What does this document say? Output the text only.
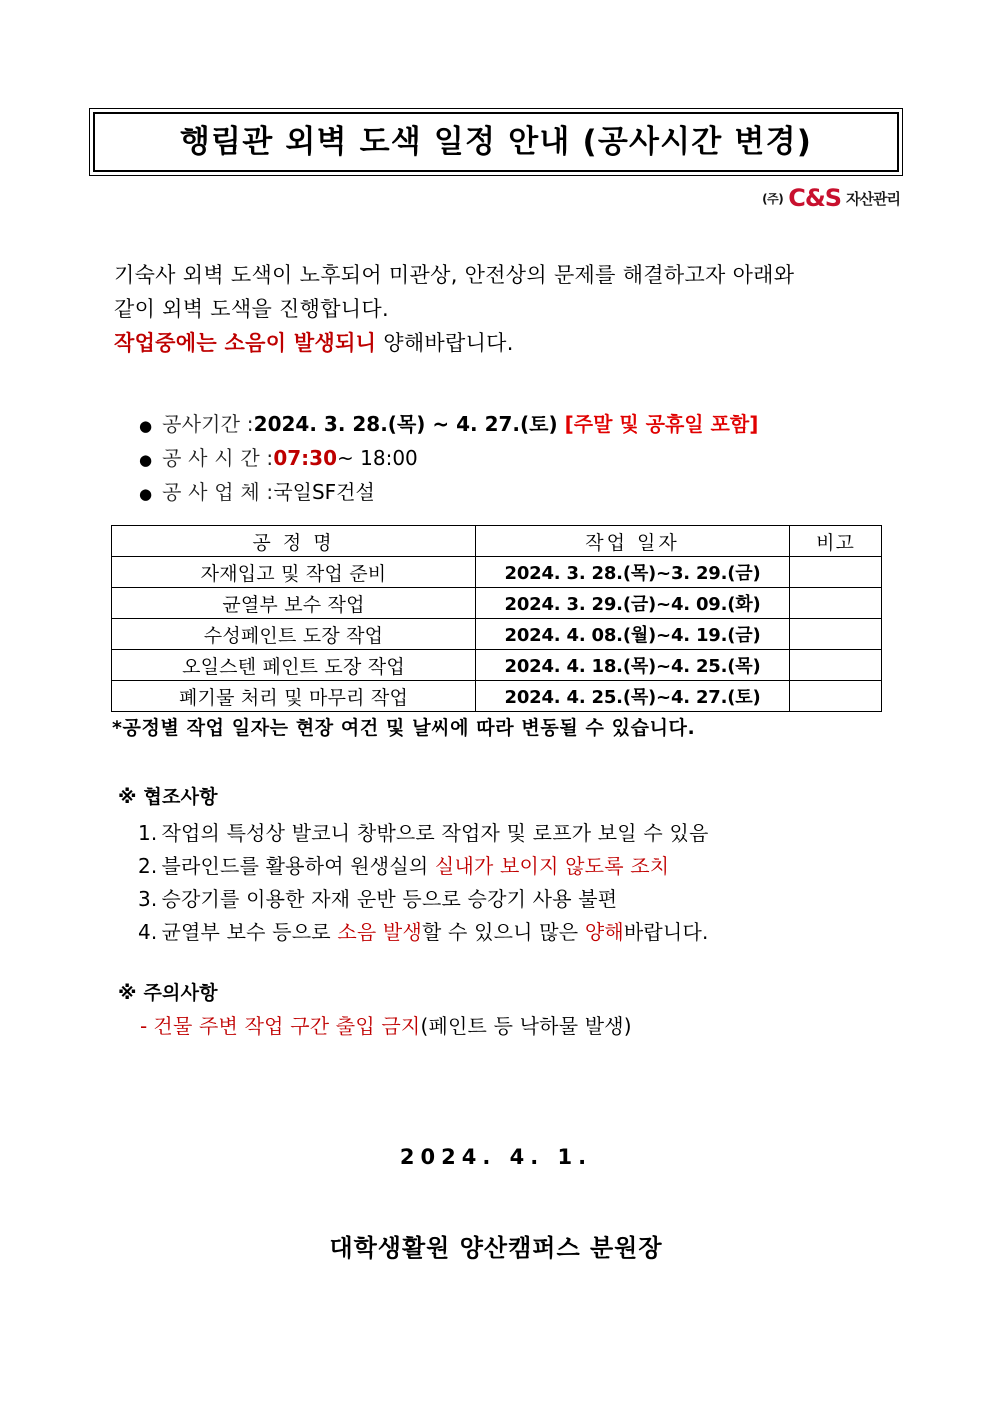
행림관 외벽 도색 일정 안내 (공사시간 변경)
(주) C&S 자산관리
기숙사 외벽 도색이 노후되어 미관상, 안전상의 문제를 해결하고자 아래와
같이 외벽 도색을 진행합니다.
작업중에는 소음이 발생되니 양해바랍니다.
● 공사기간 : 2024. 3. 28.(목) ~ 4. 27.(토) [주말 및 공휴일 포함]
● 공 사 시 간 : 07:30 ~ 18:00
● 공 사 업 체 : 국일SF건설
공 정 명	작업 일자	비고
자재입고 및 작업 준비	2024. 3. 28.(목)~3. 29.(금)	
균열부 보수 작업	2024. 3. 29.(금)~4. 09.(화)	
수성페인트 도장 작업	2024. 4. 08.(월)~4. 19.(금)	
오일스텐 페인트 도장 작업	2024. 4. 18.(목)~4. 25.(목)	
폐기물 처리 및 마무리 작업	2024. 4. 25.(목)~4. 27.(토)	
*공정별 작업 일자는 현장 여건 및 날씨에 따라 변동될 수 있습니다.
※ 협조사항
1. 작업의 특성상 발코니 창밖으로 작업자 및 로프가 보일 수 있음
2. 블라인드를 활용하여 원생실의 실내가 보이지 않도록 조치
3. 승강기를 이용한 자재 운반 등으로 승강기 사용 불편
4. 균열부 보수 등으로 소음 발생할 수 있으니 많은 양해바랍니다.
※ 주의사항
- 건물 주변 작업 구간 출입 금지(페인트 등 낙하물 발생)
2024. 4. 1.
대학생활원 양산캠퍼스 분원장
